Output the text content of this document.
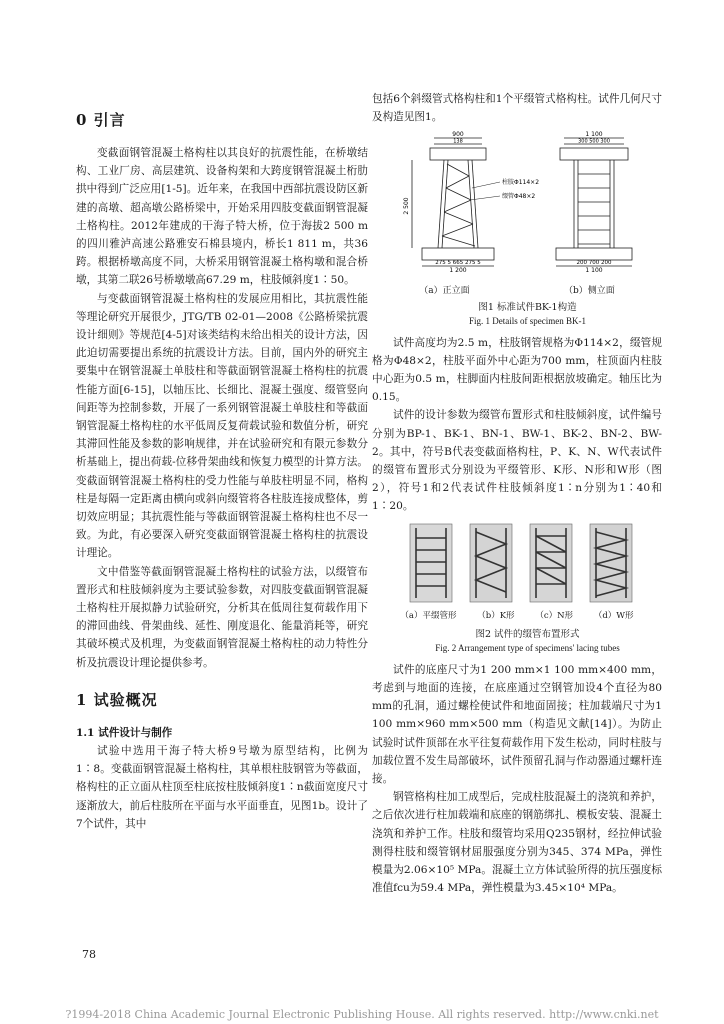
0 引言

变截面钢管混凝土格构柱以其良好的抗震性能，在桥墩结构、工业厂房、高层建筑、设备构架和大跨度钢管混凝土桁肋拱中得到广泛应用[1-5]。近年来，在我国中西部抗震设防区新建的高墩、超高墩公路桥梁中，开始采用四肢变截面钢管混凝土格构柱。2012年建成的干海子特大桥，位于海拔2 500 m的四川雅泸高速公路雅安石棉县境内，桥长1 811 m，共36跨。根据桥墩高度不同，大桥采用钢管混凝土格构墩和混合桥墩，其第二联26号桥墩墩高67.29 m，柱肢倾斜度1∶50。

与变截面钢管混凝土格构柱的发展应用相比，其抗震性能等理论研究开展很少，JTG/TB 02-01—2008《公路桥梁抗震设计细则》等规范[4-5]对该类结构未给出相关的设计方法，因此迫切需要提出系统的抗震设计方法。目前，国内外的研究主要集中在钢管混凝土单肢柱和等截面钢管混凝土格构柱的抗震性能方面[6-15]，以轴压比、长细比、混凝土强度、缀管竖向间距等为控制参数，开展了一系列钢管混凝土单肢柱和等截面钢管混凝土格构柱的水平低周反复荷载试验和数值分析，研究其滞回性能及参数的影响规律，并在试验研究和有限元参数分析基础上，提出荷载-位移骨架曲线和恢复力模型的计算方法。变截面钢管混凝土格构柱的受力性能与单肢柱明显不同，格构柱是每隔一定距离由横向或斜向缀管将各柱肢连接成整体，剪切效应明显；其抗震性能与等截面钢管混凝土格构柱也不尽一致。为此，有必要深入研究变截面钢管混凝土格构柱的抗震设计理论。

文中借鉴等截面钢管混凝土格构柱的试验方法，以缀管布置形式和柱肢倾斜度为主要试验参数，对四肢变截面钢管混凝土格构柱开展拟静力试验研究，分析其在低周往复荷载作用下的滞回曲线、骨架曲线、延性、刚度退化、能量消耗等，研究其破坏模式及机理，为变截面钢管混凝土格构柱的动力特性分析及抗震设计理论提供参考。

1 试验概况
1.1 试件设计与制作

试验中选用干海子特大桥9号墩为原型结构，比例为1∶8。变截面钢管混凝土格构柱，其单根柱肢钢管为等截面，格构柱的正立面从柱顶至柱底按柱肢倾斜度1∶n截面宽度尺寸逐渐放大，前后柱肢所在平面与水平面垂直，见图1b。设计了7个试件，其中

包括6个斜缀管式格构柱和1个平缀管式格构柱。试件几何尺寸及构造见图1。

900
138
柱肢Φ114×2
缀管Φ48×2
2 500
275 5 665 275 5
1 200
1 100
300 500 300
200 700 200
1 100
（a）正立面	（b）侧立面

图1 标准试件BK-1构造

Fig. 1 Details of specimen BK-1

试件高度均为2.5 m，柱肢钢管规格为Φ114×2，缀管规格为Φ48×2，柱肢平面外中心距为700 mm，柱顶面内柱肢中心距为0.5 m，柱脚面内柱肢间距根据放坡确定。轴压比为0.15。

试件的设计参数为缀管布置形式和柱肢倾斜度，试件编号分别为BP-1、BK-1、BN-1、BW-1、BK-2、BN-2、BW-2。其中，符号B代表变截面格构柱，P、K、N、W代表试件的缀管布置形式分别设为平缀管形、K形、N形和W形（图2），符号1和2代表试件柱肢倾斜度1∶n分别为1∶40和1∶20。

（a）平缀管形 （b）K形 （c）N形 （d）W形

图2 试件的缀管布置形式

Fig. 2 Arrangement type of specimens' lacing tubes

试件的底座尺寸为1 200 mm×1 100 mm×400 mm，考虑到与地面的连接，在底座通过空钢管加设4个直径为80 mm的孔洞，通过螺栓使试件和地面固接；柱加载端尺寸为1 100 mm×960 mm×500 mm（构造见文献[14]）。为防止试验时试件顶部在水平往复荷载作用下发生松动，同时柱肢与加载位置不发生局部破坏，试件预留孔洞与作动器通过螺杆连接。

钢管格构柱加工成型后，完成柱肢混凝土的浇筑和养护，之后依次进行柱加载端和底座的钢筋绑扎、模板安装、混凝土浇筑和养护工作。柱肢和缀管均采用Q235钢材，经拉伸试验测得柱肢和缀管钢材屈服强度分别为345、374 MPa，弹性模量为2.06×10⁵ MPa。混凝土立方体试验所得的抗压强度标准值fcu为59.4 MPa，弹性模量为3.45×10⁴ MPa。

78
?1994-2018 China Academic Journal Electronic Publishing House. All rights reserved. http://www.cnki.net
